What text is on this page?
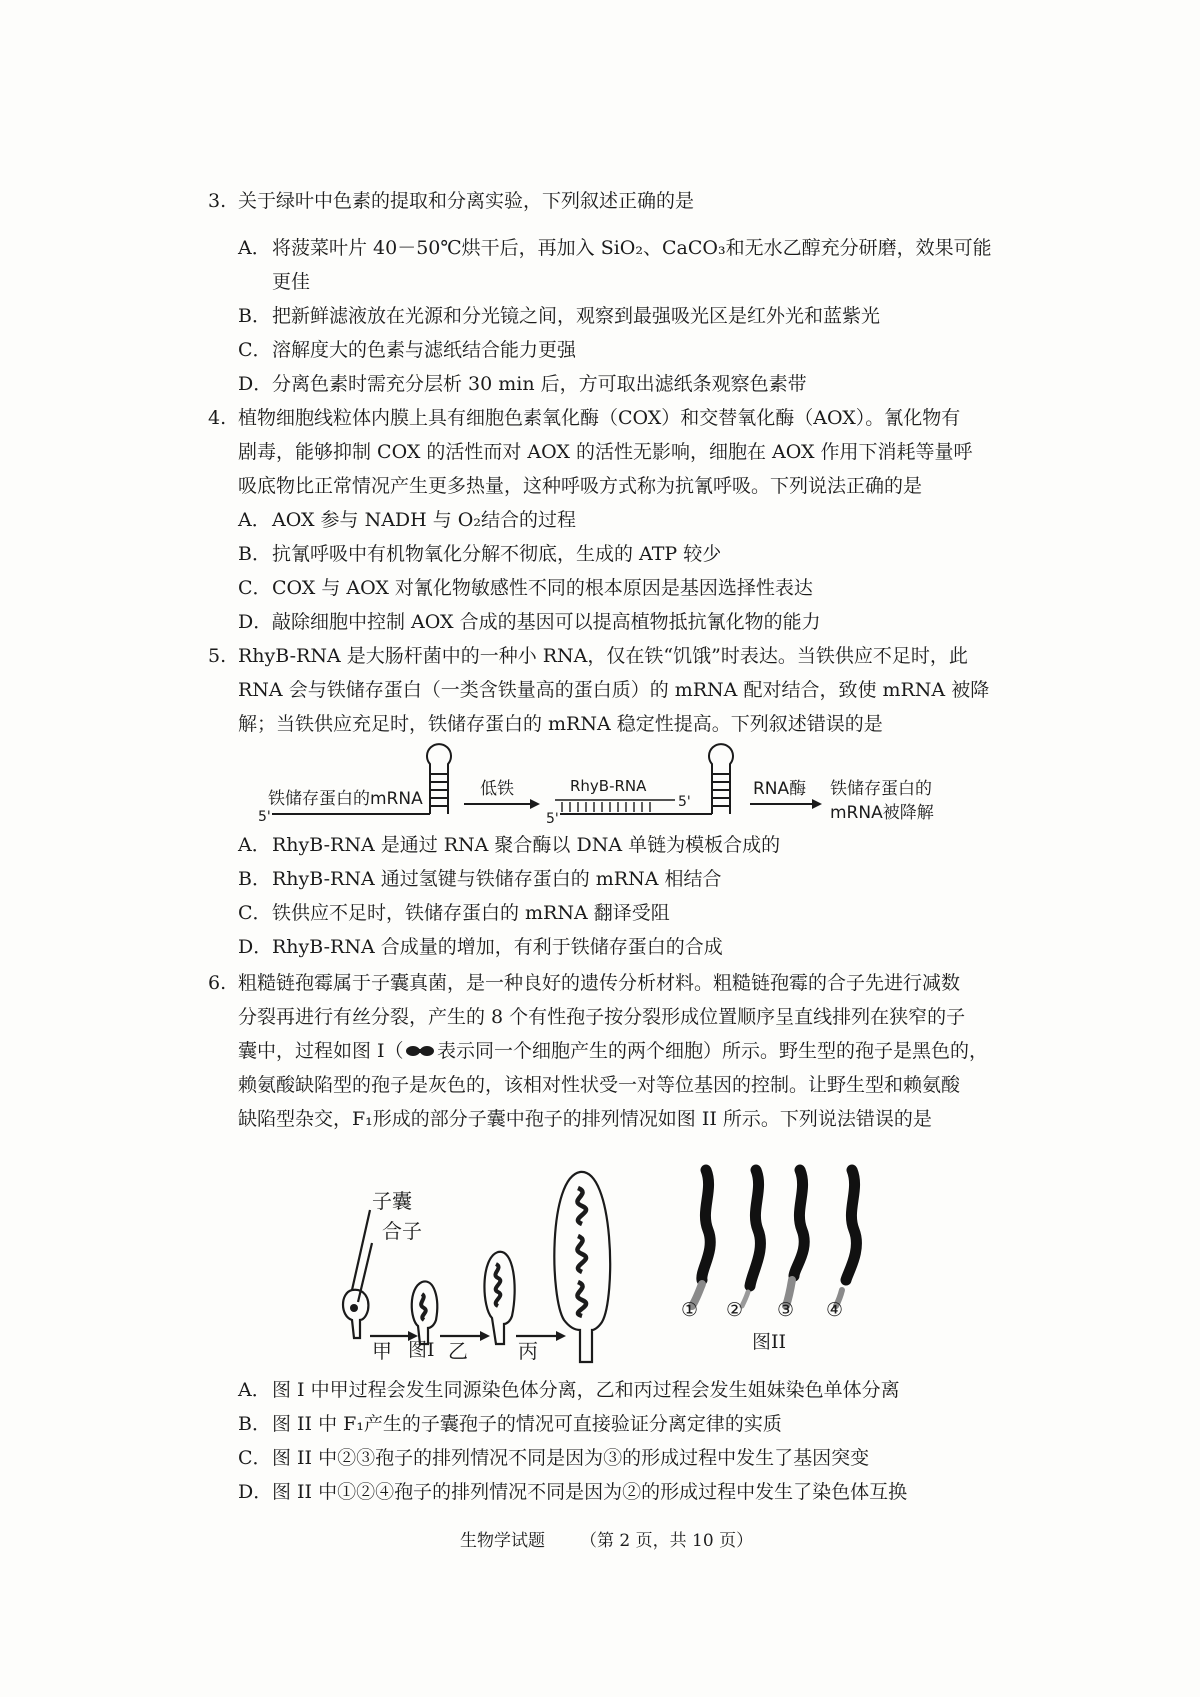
3. 关于绿叶中色素的提取和分离实验，下列叙述正确的是
A． 将菠菜叶片 40－50℃烘干后，再加入 SiO₂、CaCO₃和无水乙醇充分研磨，效果可能
更佳
B． 把新鲜滤液放在光源和分光镜之间，观察到最强吸光区是红外光和蓝紫光
C． 溶解度大的色素与滤纸结合能力更强
D． 分离色素时需充分层析 30 min 后，方可取出滤纸条观察色素带
4. 植物细胞线粒体内膜上具有细胞色素氧化酶（COX）和交替氧化酶（AOX）。氰化物有
剧毒，能够抑制 COX 的活性而对 AOX 的活性无影响，细胞在 AOX 作用下消耗等量呼
吸底物比正常情况产生更多热量，这种呼吸方式称为抗氰呼吸。下列说法正确的是
A． AOX 参与 NADH 与 O₂结合的过程
B． 抗氰呼吸中有机物氧化分解不彻底，生成的 ATP 较少
C． COX 与 AOX 对氰化物敏感性不同的根本原因是基因选择性表达
D． 敲除细胞中控制 AOX 合成的基因可以提高植物抵抗氰化物的能力
5. RhyB-RNA 是大肠杆菌中的一种小 RNA，仅在铁“饥饿”时表达。当铁供应不足时，此
RNA 会与铁储存蛋白（一类含铁量高的蛋白质）的 mRNA 配对结合，致使 mRNA 被降
解；当铁供应充足时，铁储存蛋白的 mRNA 稳定性提高。下列叙述错误的是
铁储存蛋白的mRNA
5'
低铁	RhyB-RNA
5'
5'
RNA酶 铁储存蛋白的
mRNA被降解
A． RhyB-RNA 是通过 RNA 聚合酶以 DNA 单链为模板合成的
B． RhyB-RNA 通过氢键与铁储存蛋白的 mRNA 相结合
C． 铁供应不足时，铁储存蛋白的 mRNA 翻译受阻
D． RhyB-RNA 合成量的增加，有利于铁储存蛋白的合成
6. 粗糙链孢霉属于子囊真菌，是一种良好的遗传分析材料。粗糙链孢霉的合子先进行减数
分裂再进行有丝分裂，产生的 8 个有性孢子按分裂形成位置顺序呈直线排列在狭窄的子
囊中，过程如图 I（ 表示同一个细胞产生的两个细胞）所示。野生型的孢子是黑色的，
赖氨酸缺陷型的孢子是灰色的，该相对性状受一对等位基因的控制。让野生型和赖氨酸
缺陷型杂交，F₁形成的部分子囊中孢子的排列情况如图 II 所示。下列说法错误的是
子囊
合子
甲	乙	丙
图I
① ② ③ ④
图II
A． 图 I 中甲过程会发生同源染色体分离，乙和丙过程会发生姐妹染色单体分离
B． 图 II 中 F₁产生的子囊孢子的情况可直接验证分离定律的实质
C． 图 II 中②③孢子的排列情况不同是因为③的形成过程中发生了基因突变
D． 图 II 中①②④孢子的排列情况不同是因为②的形成过程中发生了染色体互换
生物学试题 （第 2 页，共 10 页）
